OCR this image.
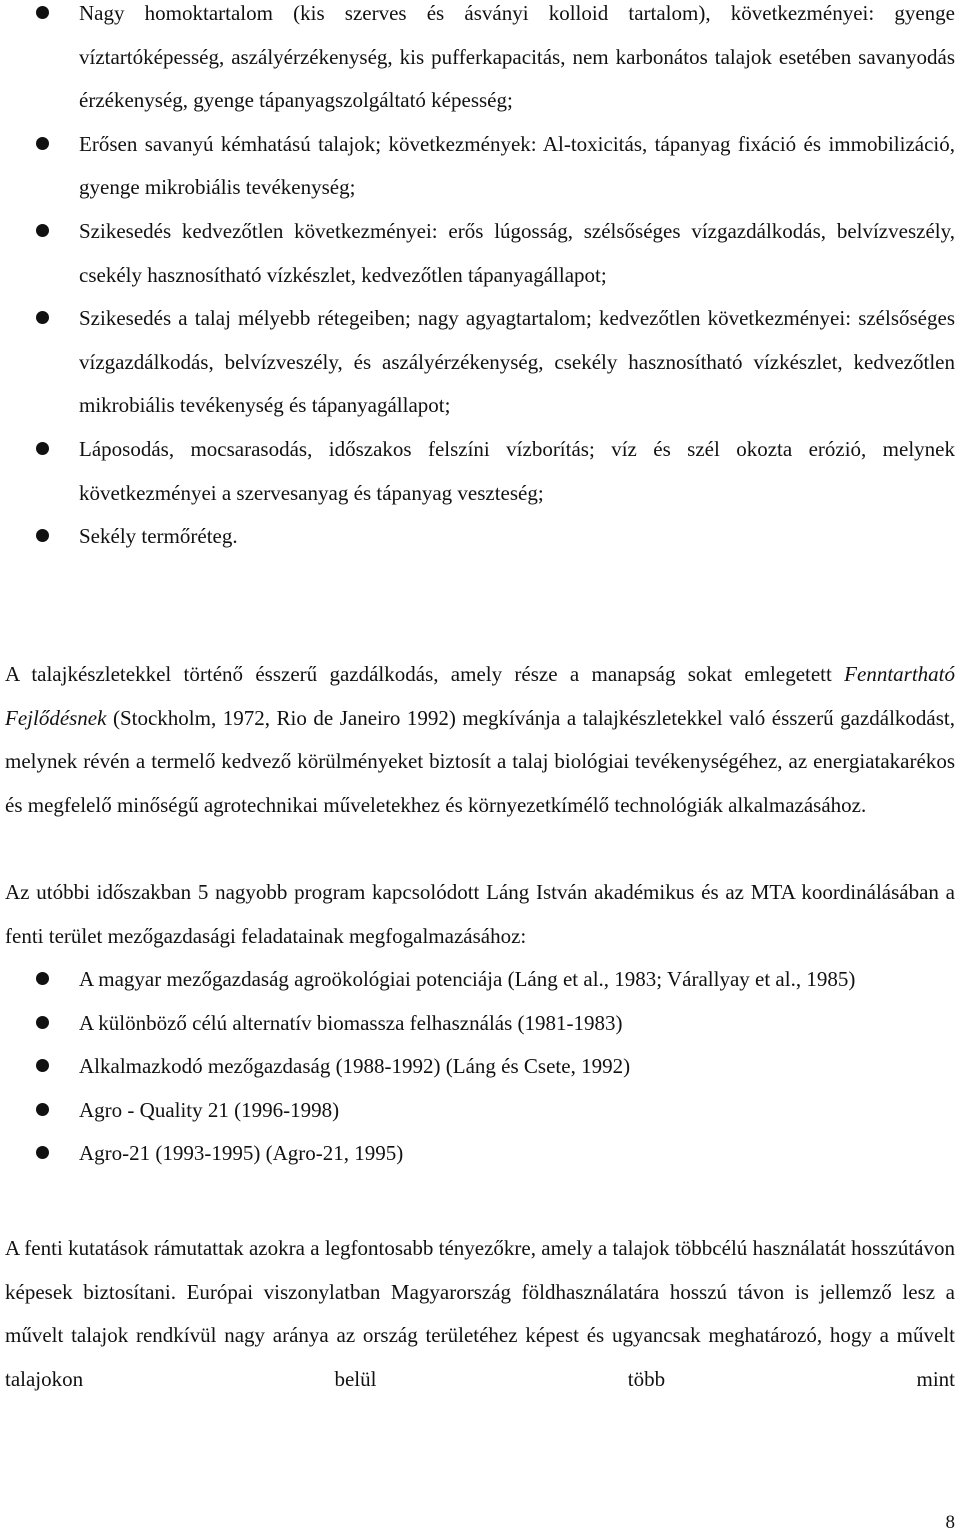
Nagy homoktartalom (kis szerves és ásványi kolloid tartalom), következményei: gyenge víztartóképesség, aszályérzékenység, kis pufferkapacitás, nem karbonátos talajok esetében savanyodás érzékenység, gyenge tápanyagszolgáltató képesség;
Erősen savanyú kémhatású talajok; következmények: Al-toxicitás, tápanyag fixáció és immobilizáció, gyenge mikrobiális tevékenység;
Szikesedés kedvezőtlen következményei: erős lúgosság, szélsőséges vízgazdálkodás, belvízveszély, csekély hasznosítható vízkészlet, kedvezőtlen tápanyagállapot;
Szikesedés a talaj mélyebb rétegeiben; nagy agyagtartalom; kedvezőtlen következményei: szélsőséges vízgazdálkodás, belvízveszély, és aszályérzékenység, csekély hasznosítható vízkészlet, kedvezőtlen mikrobiális tevékenység és tápanyagállapot;
Láposodás, mocsarasodás, időszakos felszíni vízborítás; víz és szél okozta erózió, melynek következményei a szervesanyag és tápanyag veszteség;
Sekély termőréteg.

A talajkészletekkel történő ésszerű gazdálkodás, amely része a manapság sokat emlegetett Fenntartható Fejlődésnek (Stockholm, 1972, Rio de Janeiro 1992) megkívánja a talajkészletekkel való ésszerű gazdálkodást, melynek révén a termelő kedvező körülményeket biztosít a talaj biológiai tevékenységéhez, az energiatakarékos és megfelelő minőségű agrotechnikai műveletekhez és környezetkímélő technológiák alkalmazásához.

Az utóbbi időszakban 5 nagyobb program kapcsolódott Láng István akadémikus és az MTA koordinálásában a fenti terület mezőgazdasági feladatainak megfogalmazásához:

A magyar mezőgazdaság agroökológiai potenciája (Láng et al., 1983; Várallyay et al., 1985)
A különböző célú alternatív biomassza felhasználás (1981-1983)
Alkalmazkodó mezőgazdaság (1988-1992) (Láng és Csete, 1992)
Agro - Quality 21 (1996-1998)
Agro-21 (1993-1995) (Agro-21, 1995)

A fenti kutatások rámutattak azokra a legfontosabb tényezőkre, amely a talajok többcélú használatát hosszútávon képesek biztosítani. Európai viszonylatban Magyarország földhasználatára hosszú távon is jellemző lesz a művelt talajok rendkívül nagy aránya az ország területéhez képest és ugyancsak meghatározó, hogy a művelt talajokon belül több mint

8
